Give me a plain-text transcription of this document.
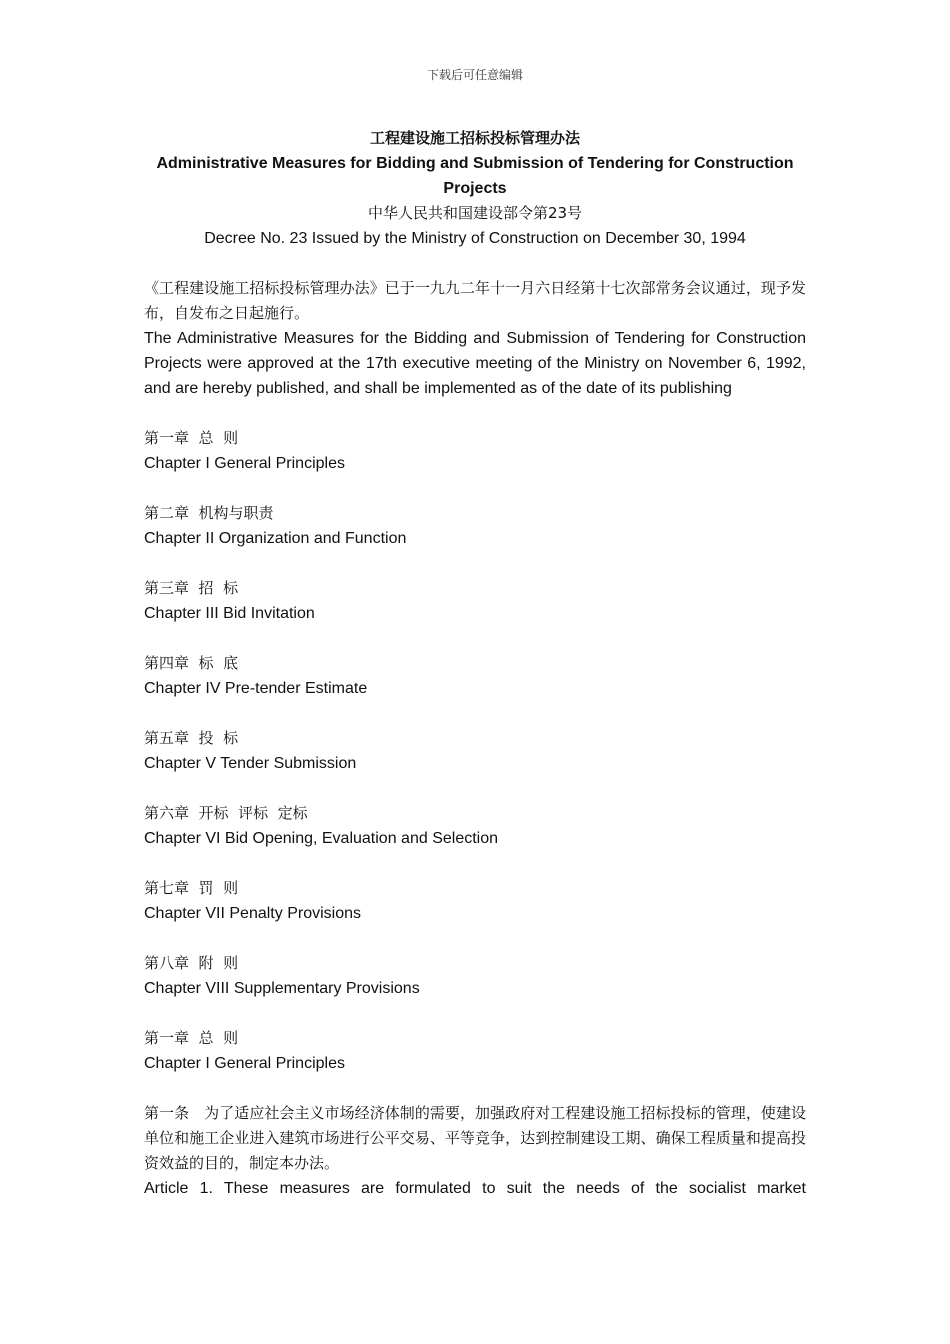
下载后可任意编辑
工程建设施工招标投标管理办法
Administrative Measures for Bidding and Submission of Tendering for Construction Projects
中华人民共和国建设部令第23号
Decree No. 23 Issued by the Ministry of Construction on December 30, 1994
《工程建设施工招标投标管理办法》已于一九九二年十一月六日经第十七次部常务会议通过，现予发布，自发布之日起施行。
The Administrative Measures for the Bidding and Submission of Tendering for Construction Projects were approved at the 17th executive meeting of the Ministry on November 6, 1992, and are hereby published, and shall be implemented as of the date of its publishing
第一章  总  则
Chapter I General Principles
第二章  机构与职责
Chapter II Organization and Function
第三章  招  标
Chapter III Bid Invitation
第四章  标  底
Chapter IV Pre-tender Estimate
第五章  投  标
Chapter V Tender Submission
第六章  开标  评标  定标
Chapter VI Bid Opening, Evaluation and Selection
第七章  罚  则
Chapter VII Penalty Provisions
第八章  附  则
Chapter VIII Supplementary Provisions
第一章  总  则
Chapter I General Principles
第一条　为了适应社会主义市场经济体制的需要，加强政府对工程建设施工招标投标的管理，使建设单位和施工企业进入建筑市场进行公平交易、平等竞争，达到控制建设工期、确保工程质量和提高投资效益的目的，制定本办法。
Article 1. These measures are formulated to suit the needs of the socialist market
